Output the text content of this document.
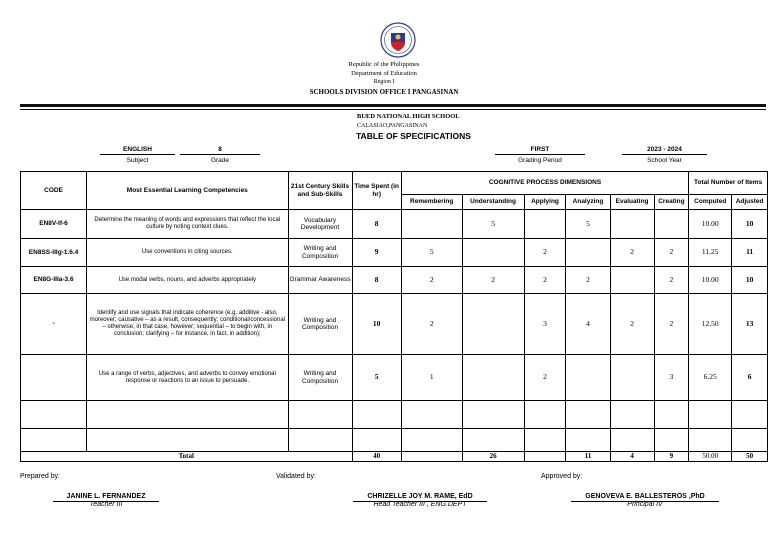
Republic of the Philippines
Department of Education
Region I
SCHOOLS DIVISION OFFICE I PANGASINAN
BUED NATIONAL HIGH SCHOOL
CALASIAO,PANGASINAN
TABLE OF SPECIFICATIONS
ENGLISH
Subject
8
Grade
FIRST
Grading Period
2023 - 2024
School Year
CODE	Most Essential Learning Competencies	21st Century Skills and Sub-Skills	Time Spent (in hr)	COGNITIVE PROCESS DIMENSIONS						Total Number of Items	
				Remembering	Understanding	Applying	Analyzing	Evaluating	Creating	Computed	Adjusted
EN8V-If-6	Determine the meaning of words and expressions that reflect the local culture by noting context clues.	Vocabulary Development	8		5		5			10.00	10
EN8SS-IIIg-1.6.4	Use conventions in citing sources.	Writing and Composition	9	5		2		2	2	11.25	11
EN8G-IIIa-3.6	Use modal verbs, nouns, and adverbs appropriately	Grammar Awareness	8	2	2	2	2		2	10.00	10
-	Identify and use signals that indicate coherence (e.g. additive - also, moreover; causative – as a result, consequently; conditional/concessional – otherwise, in that case, however; sequential – to begin with, in conclusion; clarifying – for instance, in fact, in addition);	Writing and Composition	10	2		3	4	2	2	12.50	13
	Use a range of verbs, adjectives, and adverbs to convey emotional response or reactions to an issue to persuade.	Writing and Composition	5	1		2			3	6.25	6

Total			40		26		11	4	9	50.00	50
Prepared by:	Validated by:	Approved by:
JANINE L. FERNANDEZ
Teacher III
CHRIZELLE JOY M. RAME, EdD
Head Teacher III , ENG.DEPT
GENOVEVA E. BALLESTEROS ,PhD
Principal IV
